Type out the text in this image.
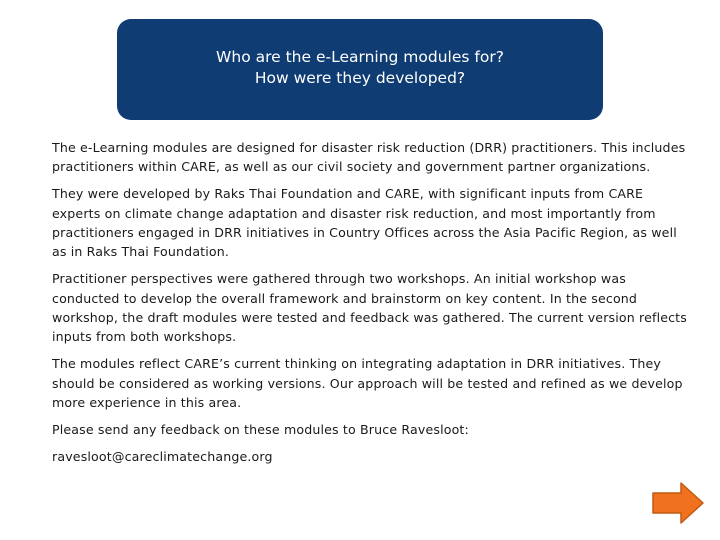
Who are the e-Learning modules for?
How were they developed?

The e-Learning modules are designed for disaster risk reduction (DRR) practitioners. This includes practitioners within CARE, as well as our civil society and government partner organizations.

They were developed by Raks Thai Foundation and CARE, with significant inputs from CARE experts on climate change adaptation and disaster risk reduction, and most importantly from practitioners engaged in DRR initiatives in Country Offices across the Asia Pacific Region, as well as in Raks Thai Foundation.

Practitioner perspectives were gathered through two workshops. An initial workshop was conducted to develop the overall framework and brainstorm on key content. In the second workshop, the draft modules were tested and feedback was gathered. The current version reflects inputs from both workshops.

The modules reflect CARE’s current thinking on integrating adaptation in DRR initiatives. They should be considered as working versions. Our approach will be tested and refined as we develop more experience in this area.

Please send any feedback on these modules to Bruce Ravesloot:

ravesloot@careclimatechange.org
